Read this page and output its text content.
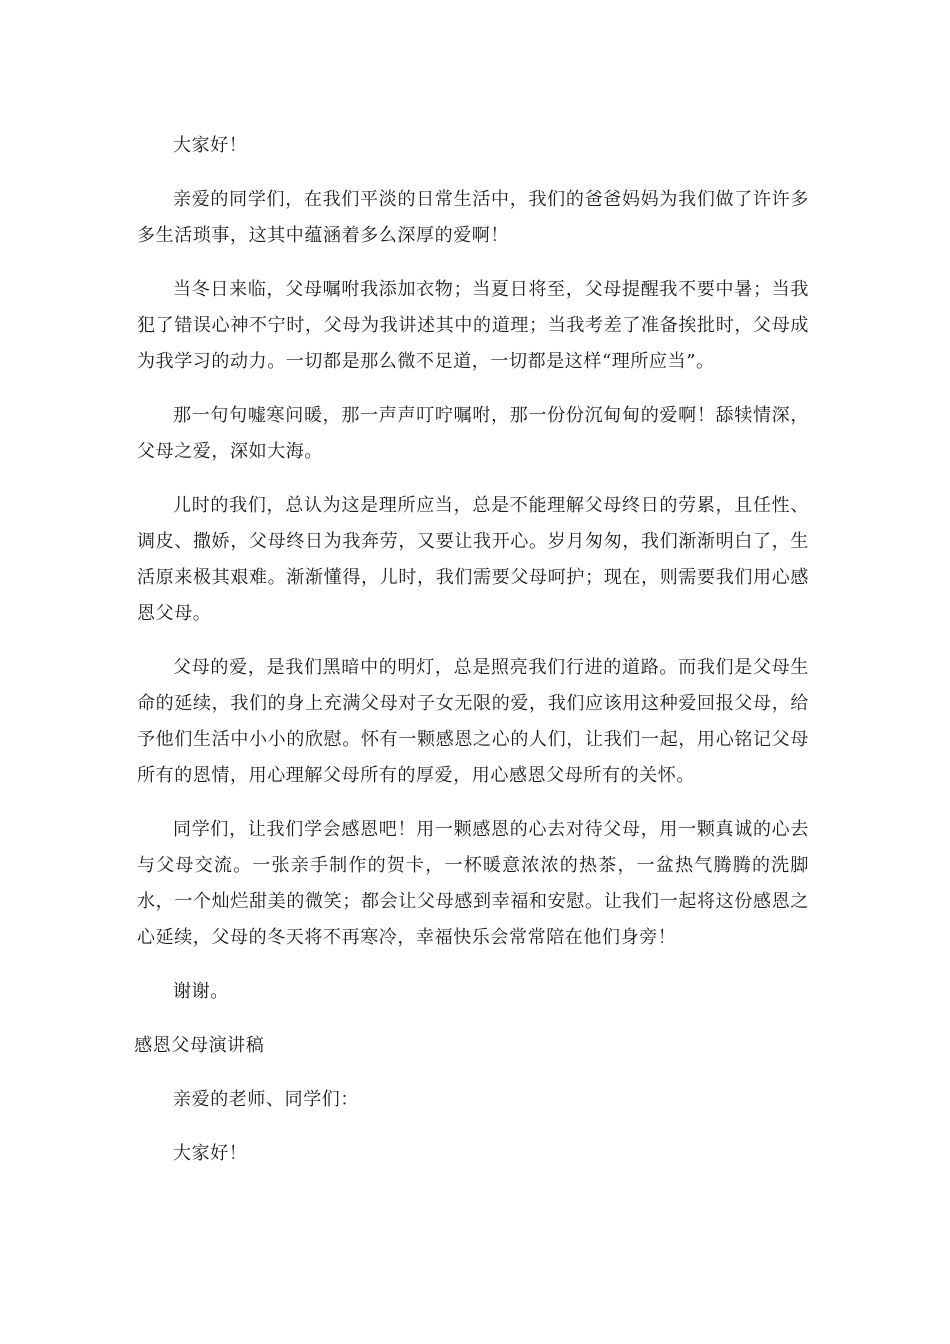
大家好！

亲爱的同学们，在我们平淡的日常生活中，我们的爸爸妈妈为我们做了许许多多生活琐事，这其中蕴涵着多么深厚的爱啊！

当冬日来临，父母嘱咐我添加衣物；当夏日将至，父母提醒我不要中暑；当我犯了错误心神不宁时，父母为我讲述其中的道理；当我考差了准备挨批时，父母成为我学习的动力。一切都是那么微不足道，一切都是这样“理所应当”。

那一句句嘘寒问暖，那一声声叮咛嘱咐，那一份份沉甸甸的爱啊！舔犊情深，父母之爱，深如大海。

儿时的我们，总认为这是理所应当，总是不能理解父母终日的劳累，且任性、调皮、撒娇，父母终日为我奔劳，又要让我开心。岁月匆匆，我们渐渐明白了，生活原来极其艰难。渐渐懂得，儿时，我们需要父母呵护；现在，则需要我们用心感恩父母。

父母的爱，是我们黑暗中的明灯，总是照亮我们行进的道路。而我们是父母生命的延续，我们的身上充满父母对子女无限的爱，我们应该用这种爱回报父母，给予他们生活中小小的欣慰。怀有一颗感恩之心的人们，让我们一起，用心铭记父母所有的恩情，用心理解父母所有的厚爱，用心感恩父母所有的关怀。

同学们，让我们学会感恩吧！用一颗感恩的心去对待父母，用一颗真诚的心去与父母交流。一张亲手制作的贺卡，一杯暖意浓浓的热茶，一盆热气腾腾的洗脚水，一个灿烂甜美的微笑；都会让父母感到幸福和安慰。让我们一起将这份感恩之心延续，父母的冬天将不再寒冷，幸福快乐会常常陪在他们身旁！

谢谢。

感恩父母演讲稿

亲爱的老师、同学们：

大家好！
